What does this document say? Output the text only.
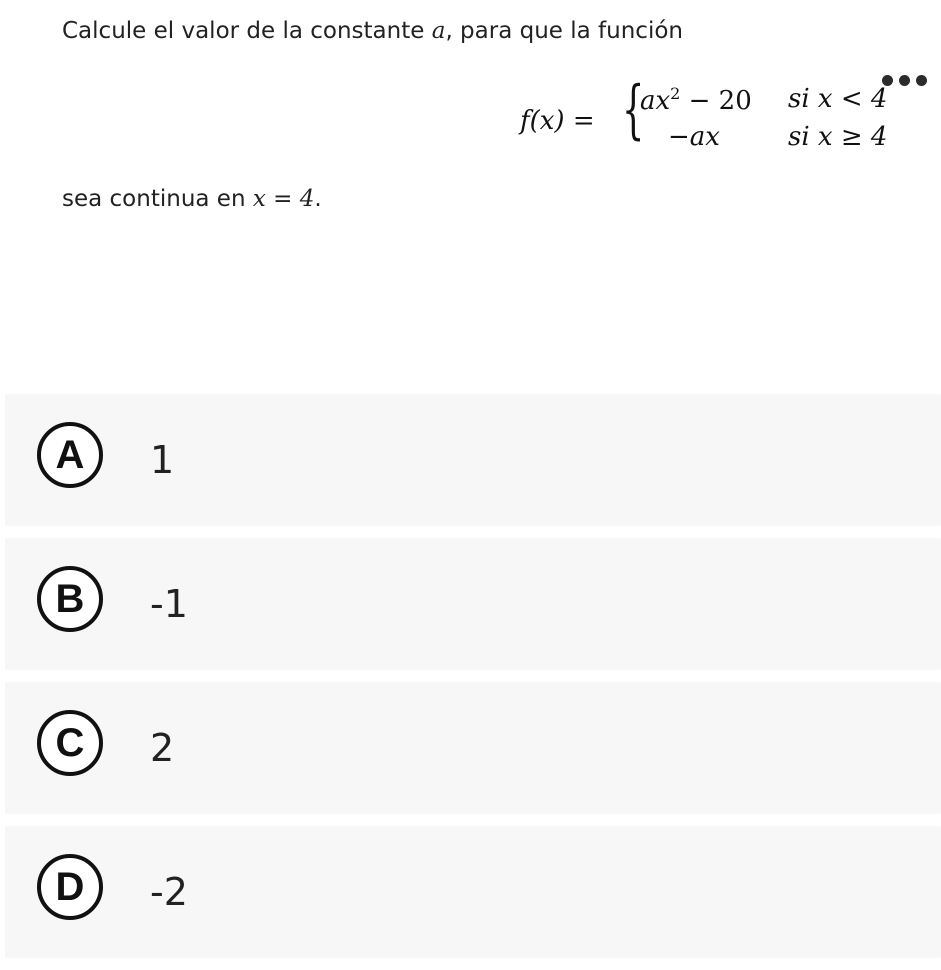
Calcule el valor de la constante a, para que la función
f(x) = {
$ax^2 - 20$ si x < 4
−ax	si x ≥ 4
sea continua en x = 4.
A	1
B	-1
C	2
D	-2
